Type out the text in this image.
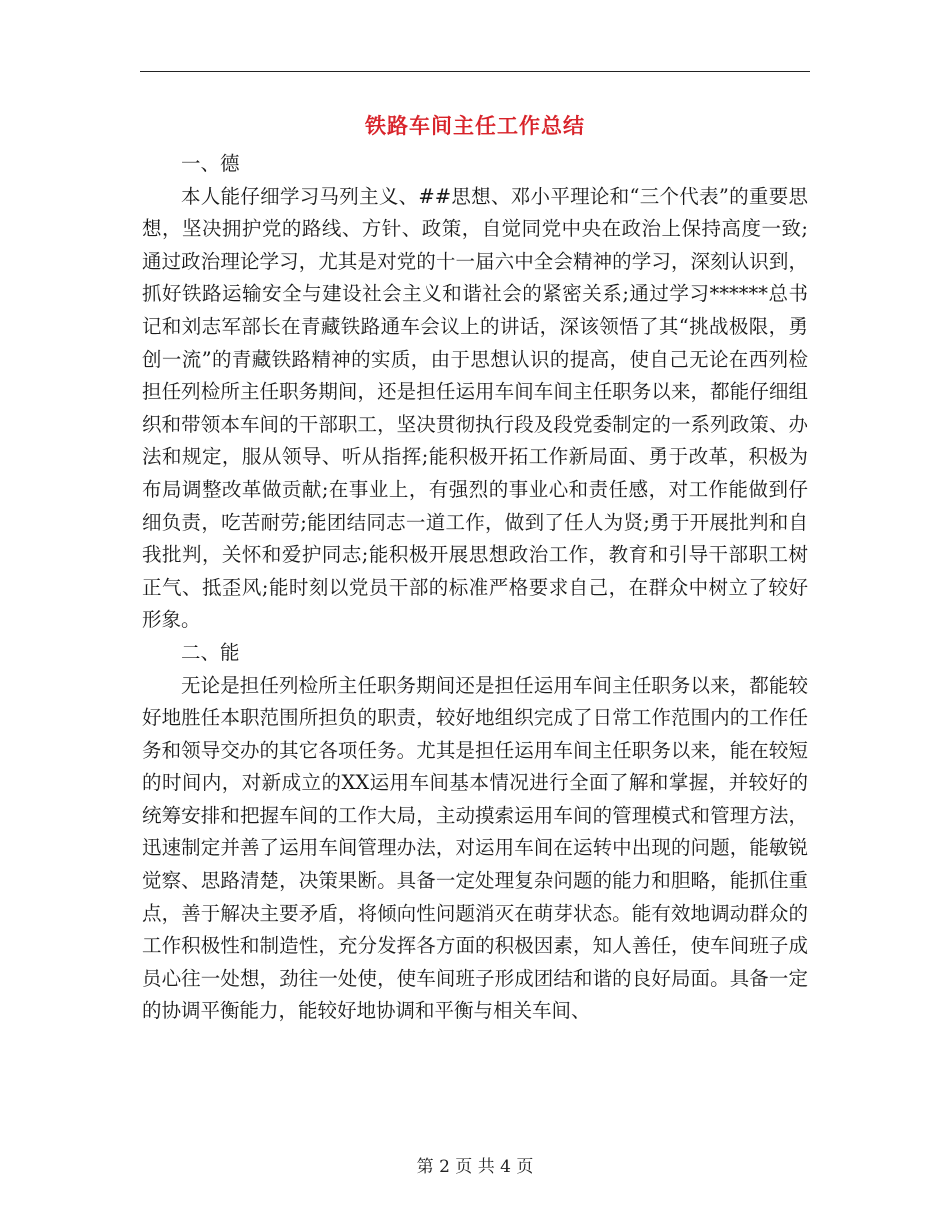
铁路车间主任工作总结

一、德

本人能仔细学习马列主义、##思想、邓小平理论和“三个代表”的重要思想，坚决拥护党的路线、方针、政策，自觉同党中央在政治上保持高度一致;通过政治理论学习，尤其是对党的十一届六中全会精神的学习，深刻认识到，抓好铁路运输安全与建设社会主义和谐社会的紧密关系;通过学习******总书记和刘志军部长在青藏铁路通车会议上的讲话，深该领悟了其“挑战极限，勇创一流”的青藏铁路精神的实质，由于思想认识的提高，使自己无论在西列检担任列检所主任职务期间，还是担任运用车间车间主任职务以来，都能仔细组织和带领本车间的干部职工，坚决贯彻执行段及段党委制定的一系列政策、办法和规定，服从领导、听从指挥;能积极开拓工作新局面、勇于改革，积极为布局调整改革做贡献;在事业上，有强烈的事业心和责任感，对工作能做到仔细负责，吃苦耐劳;能团结同志一道工作，做到了任人为贤;勇于开展批判和自我批判，关怀和爱护同志;能积极开展思想政治工作，教育和引导干部职工树正气、抵歪风;能时刻以党员干部的标准严格要求自己，在群众中树立了较好形象。

二、能

无论是担任列检所主任职务期间还是担任运用车间主任职务以来，都能较好地胜任本职范围所担负的职责，较好地组织完成了日常工作范围内的工作任务和领导交办的其它各项任务。尤其是担任运用车间主任职务以来，能在较短的时间内，对新成立的XX运用车间基本情况进行全面了解和掌握，并较好的统筹安排和把握车间的工作大局，主动摸索运用车间的管理模式和管理方法，迅速制定并善了运用车间管理办法，对运用车间在运转中出现的问题，能敏锐觉察、思路清楚，决策果断。具备一定处理复杂问题的能力和胆略，能抓住重点，善于解决主要矛盾，将倾向性问题消灭在萌芽状态。能有效地调动群众的工作积极性和制造性，充分发挥各方面的积极因素，知人善任，使车间班子成员心往一处想，劲往一处使，使车间班子形成团结和谐的良好局面。具备一定的协调平衡能力，能较好地协调和平衡与相关车间、

第 2 页 共 4 页
